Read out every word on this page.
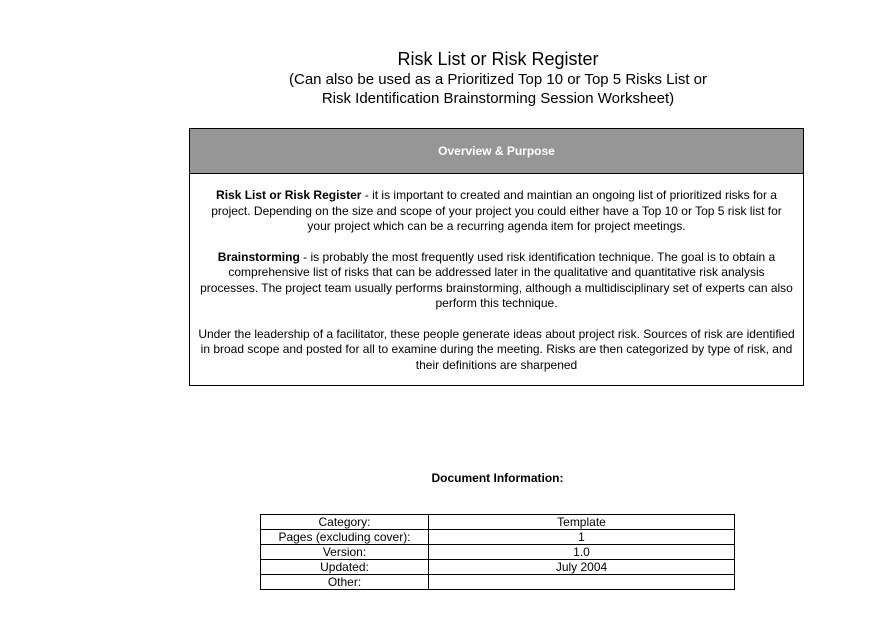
Risk List or Risk Register
(Can also be used as a Prioritized Top 10 or Top 5 Risks List or
Risk Identification Brainstorming Session Worksheet)
Overview & Purpose

Risk List or Risk Register - it is important to created and maintian an ongoing list of prioritized risks for a project. Depending on the size and scope of your project you could either have a Top 10 or Top 5 risk list for your project which can be a recurring agenda item for project meetings.

Brainstorming - is probably the most frequently used risk identification technique. The goal is to obtain a comprehensive list of risks that can be addressed later in the qualitative and quantitative risk analysis processes. The project team usually performs brainstorming, although a multidisciplinary set of experts can also perform this technique.

Under the leadership of a facilitator, these people generate ideas about project risk. Sources of risk are identified in broad scope and posted for all to examine during the meeting. Risks are then categorized by type of risk, and their definitions are sharpened

Document Information:
Category:	Template
Pages (excluding cover):	1
Version:	1.0
Updated:	July 2004
Other:	
